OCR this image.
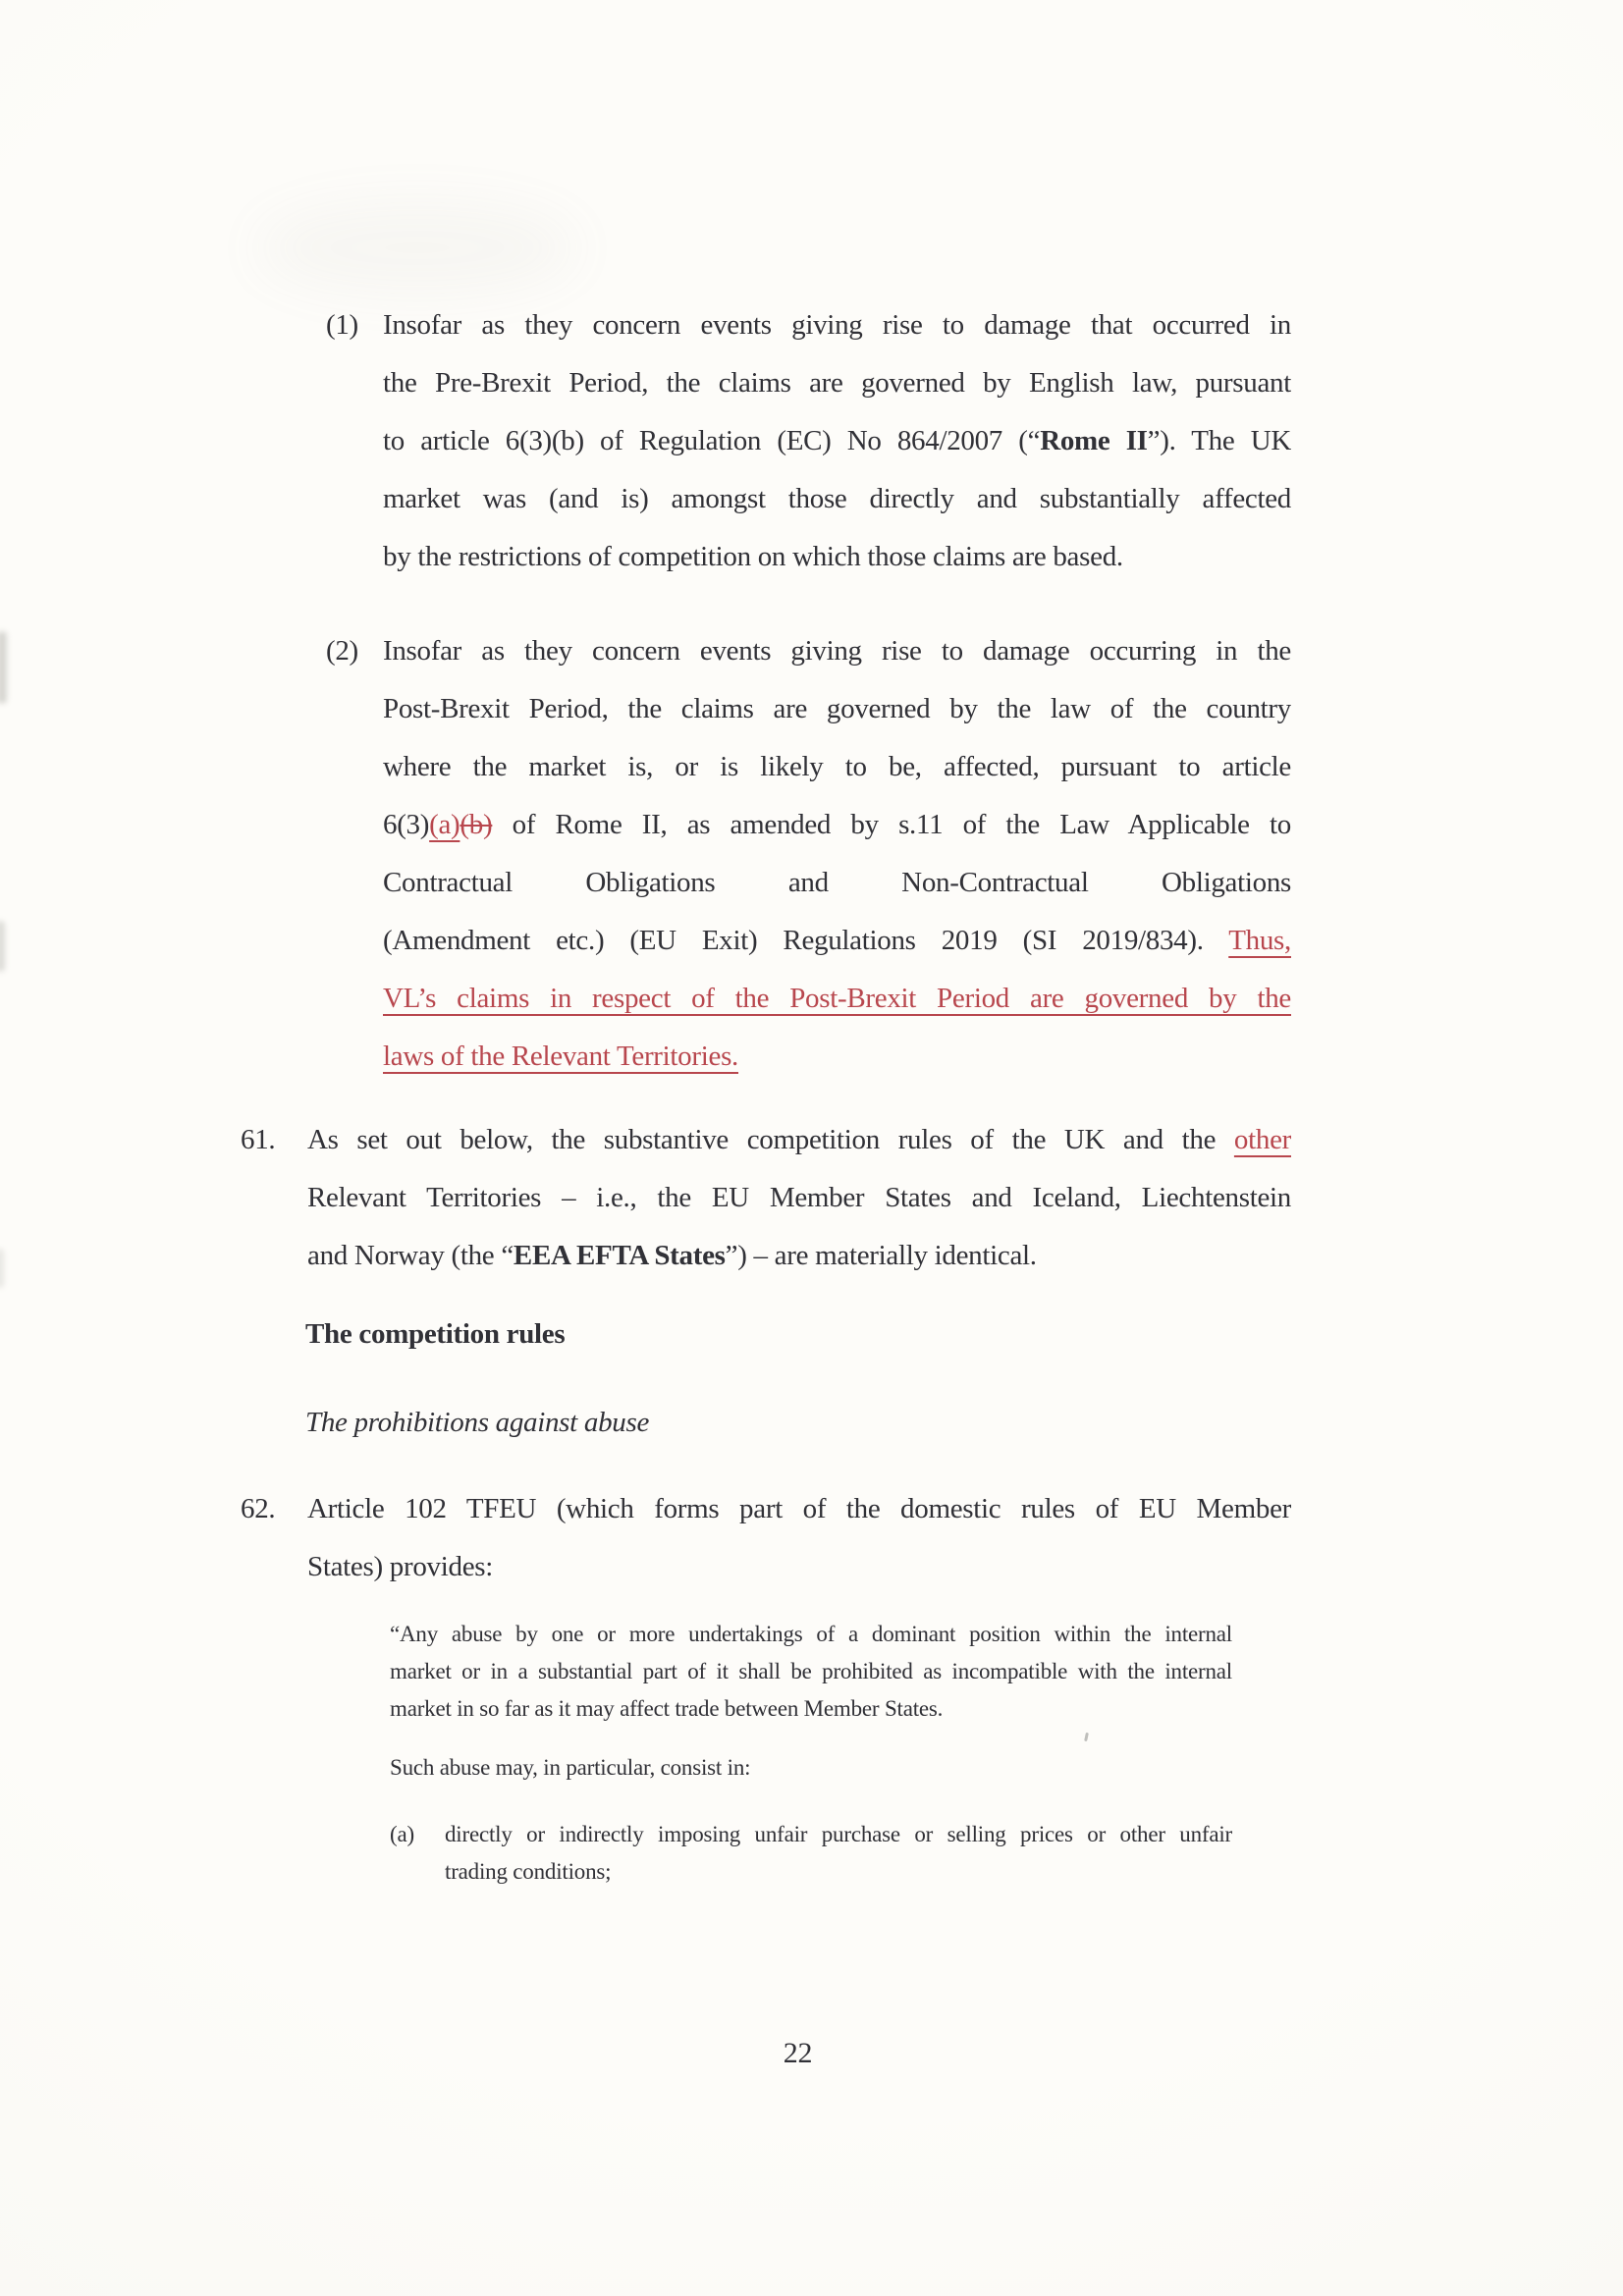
(1) Insofar as they concern events giving rise to damage that occurred in
the Pre-Brexit Period, the claims are governed by English law, pursuant
to article 6(3)(b) of Regulation (EC) No 864/2007 (“Rome II”). The UK
market was (and is) amongst those directly and substantially affected
by the restrictions of competition on which those claims are based.
(2) Insofar as they concern events giving rise to damage occurring in the
Post-Brexit Period, the claims are governed by the law of the country
where the market is, or is likely to be, affected, pursuant to article
6(3)(a)(b) of Rome II, as amended by s.11 of the Law Applicable to
Contractual Obligations and Non-Contractual Obligations
(Amendment etc.) (EU Exit) Regulations 2019 (SI 2019/834). Thus,
VL’s claims in respect of the Post-Brexit Period are governed by the
laws of the Relevant Territories.
61.	As set out below, the substantive competition rules of the UK and the other
Relevant Territories – i.e., the EU Member States and Iceland, Liechtenstein
and Norway (the “EEA EFTA States”) – are materially identical.
The competition rules
The prohibitions against abuse
62.	Article 102 TFEU (which forms part of the domestic rules of EU Member
States) provides:
“Any abuse by one or more undertakings of a dominant position within the internal
market or in a substantial part of it shall be prohibited as incompatible with the internal
market in so far as it may affect trade between Member States.
Such abuse may, in particular, consist in:
(a)	directly or indirectly imposing unfair purchase or selling prices or other unfair
trading conditions;
22
